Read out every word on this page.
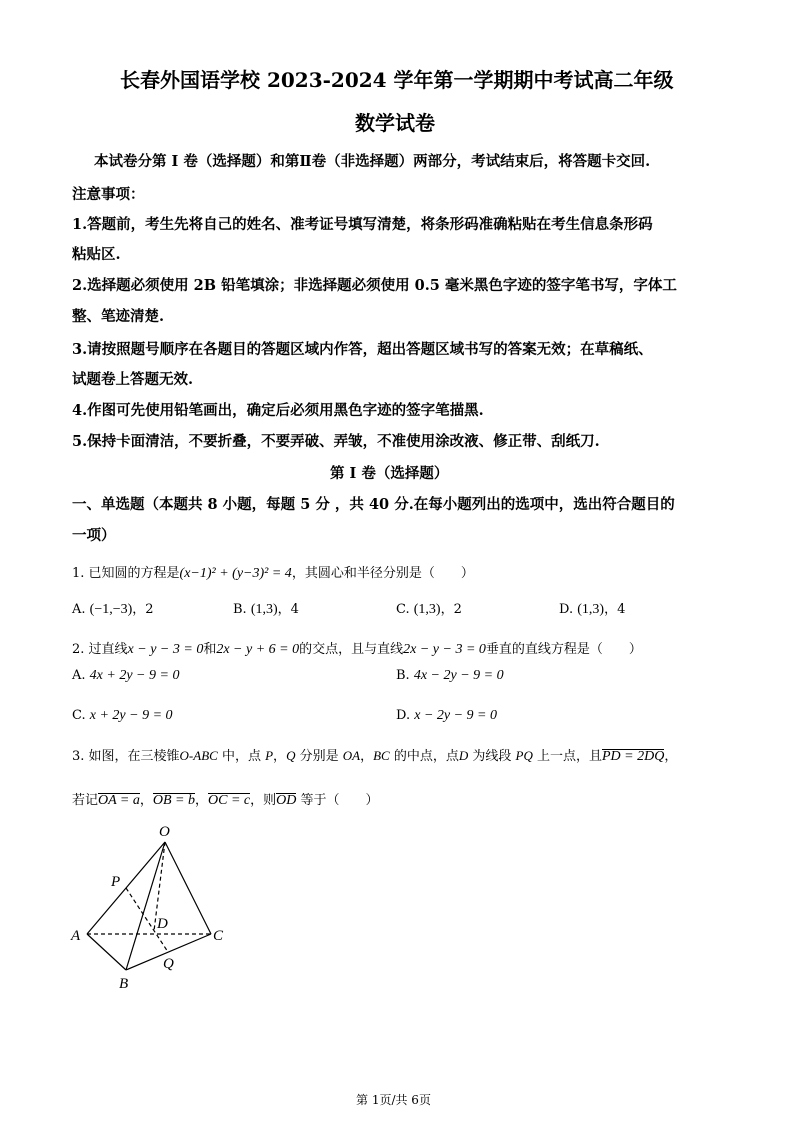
长春外国语学校 2023-2024 学年第一学期期中考试高二年级
数学试卷
本试卷分第 I 卷（选择题）和第Ⅱ卷（非选择题）两部分，考试结束后，将答题卡交回.
注意事项：
1.答题前，考生先将自己的姓名、准考证号填写清楚，将条形码准确粘贴在考生信息条形码
粘贴区.
2.选择题必须使用 2B 铅笔填涂；非选择题必须使用 0.5 毫米黑色字迹的签字笔书写，字体工
整、笔迹清楚.
3.请按照题号顺序在各题目的答题区域内作答，超出答题区域书写的答案无效；在草稿纸、
试题卷上答题无效.
4.作图可先使用铅笔画出，确定后必须用黑色字迹的签字笔描黑.
5.保持卡面清洁，不要折叠，不要弄破、弄皱，不准使用涂改液、修正带、刮纸刀.
第 I 卷（选择题）
一、单选题（本题共 8 小题，每题 5 分 ，共 40 分.在每小题列出的选项中，选出符合题目的
一项）
1. 已知圆的方程是(x−1)² + (y−3)² = 4，其圆心和半径分别是（　　）
A. (−1,−3)，2	B. (1,3)，4	C. (1,3)，2	D. (1,3)，4
2. 过直线x − y − 3 = 0和2x − y + 6 = 0的交点，且与直线2x − y − 3 = 0垂直的直线方程是（　　）
A. 4x + 2y − 9 = 0	B. 4x − 2y − 9 = 0
C. x + 2y − 9 = 0	D. x − 2y − 9 = 0
3. 如图，在三棱锥O-ABC 中，点 P，Q 分别是 OA，BC 的中点，点D 为线段 PQ 上一点，且PD = 2DQ，
若记OA = a，OB = b，OC = c，则OD 等于（　　）
O
P
A
D
C
Q
B
第 1页/共 6页
